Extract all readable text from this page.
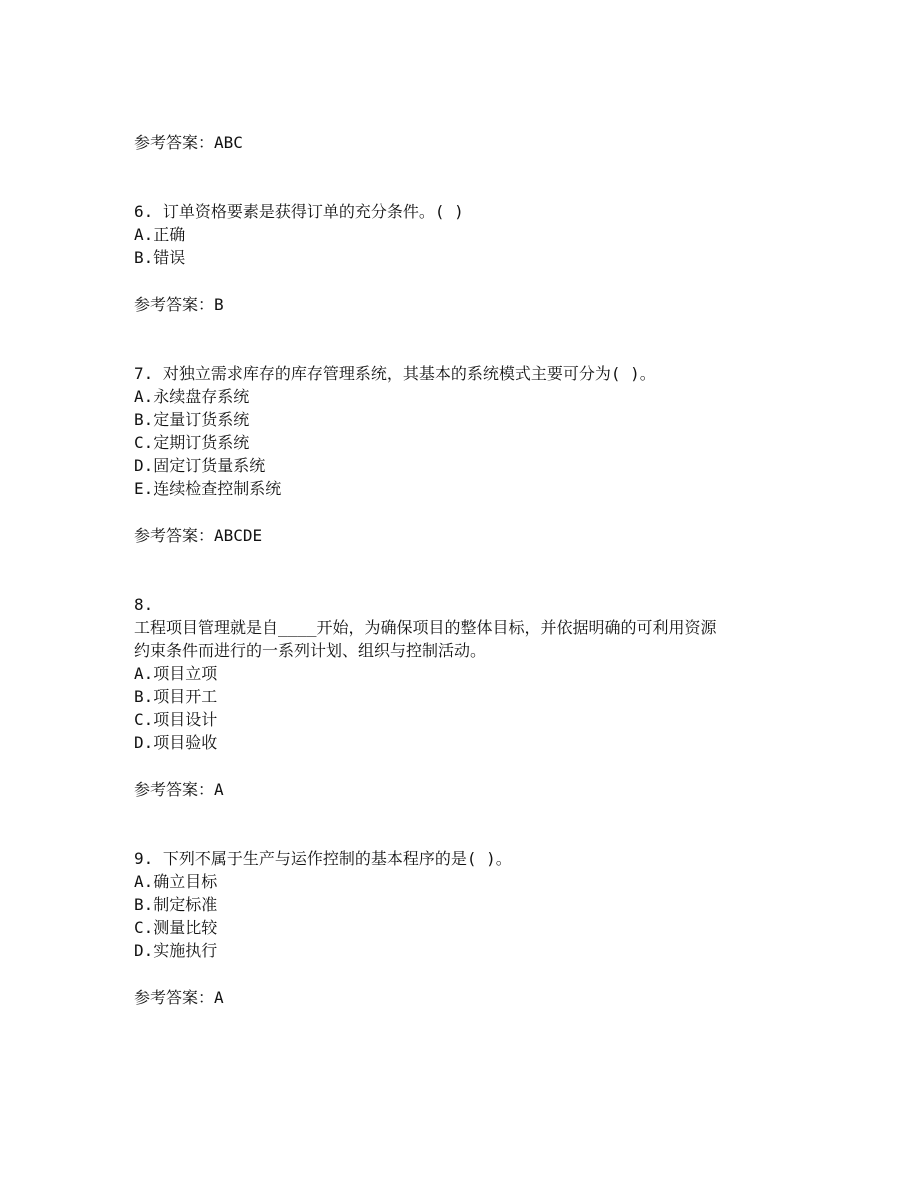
参考答案：ABC
6. 订单资格要素是获得订单的充分条件。( )
A.正确
B.错误
参考答案：B
7. 对独立需求库存的库存管理系统，其基本的系统模式主要可分为( )。
A.永续盘存系统
B.定量订货系统
C.定期订货系统
D.固定订货量系统
E.连续检查控制系统
参考答案：ABCDE
8.
工程项目管理就是自____开始，为确保项目的整体目标，并依据明确的可利用资源
约束条件而进行的一系列计划、组织与控制活动。
A.项目立项
B.项目开工
C.项目设计
D.项目验收
参考答案：A
9. 下列不属于生产与运作控制的基本程序的是( )。
A.确立目标
B.制定标准
C.测量比较
D.实施执行
参考答案：A
